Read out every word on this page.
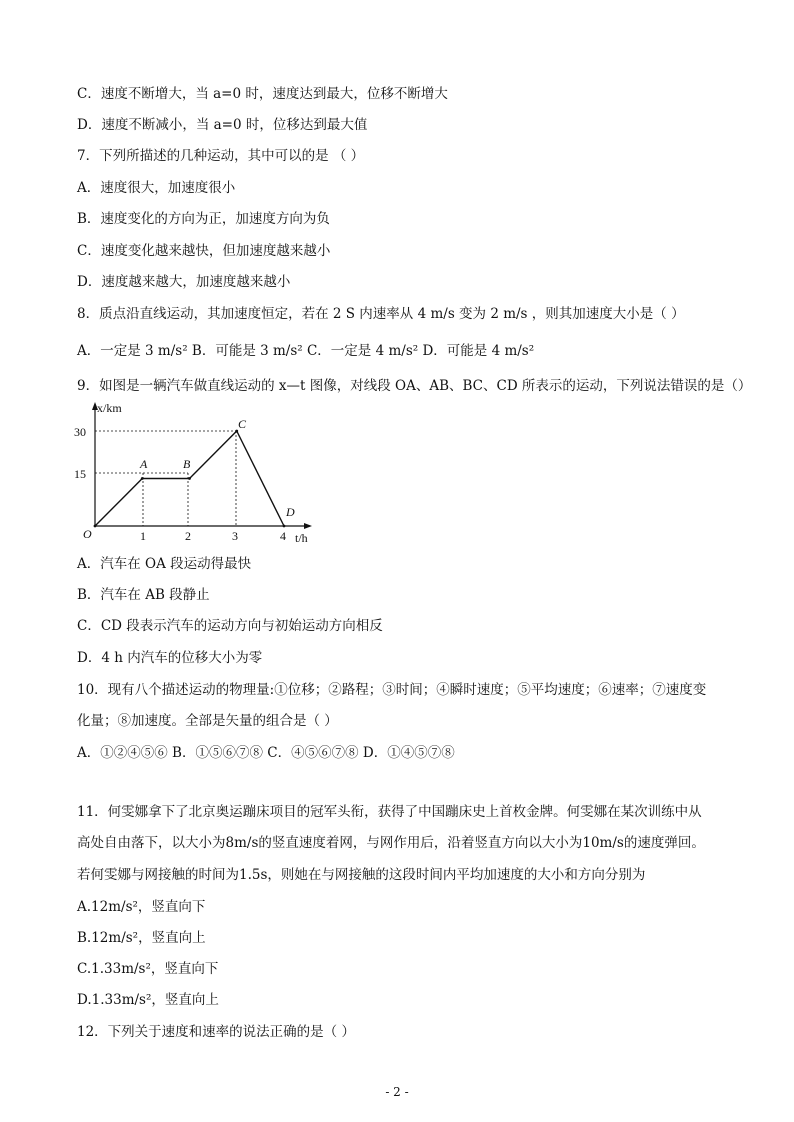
C．速度不断增大，当 a=0 时，速度达到最大，位移不断增大
D．速度不断减小，当 a=0 时，位移达到最大值
7．下列所描述的几种运动，其中可以的是 （ ）
A．速度很大，加速度很小
B．速度变化的方向为正，加速度方向为负
C．速度变化越来越快，但加速度越来越小
D．速度越来越大，加速度越来越小
8．质点沿直线运动，其加速度恒定，若在 2 S 内速率从 4 m/s 变为 2 m/s ，则其加速度大小是（ ）
A．一定是 3 m/s² B．可能是 3 m/s² C．一定是 4 m/s² D．可能是 4 m/s²
9．如图是一辆汽车做直线运动的 x—t 图像，对线段 OA、AB、BC、CD 所表示的运动，下列说法错误的是（）
x/km
t/h
O
15
30
1	2	3	4
A	B
C
D
A．汽车在 OA 段运动得最快
B．汽车在 AB 段静止
C．CD 段表示汽车的运动方向与初始运动方向相反
D．4 h 内汽车的位移大小为零
10．现有八个描述运动的物理量:①位移；②路程；③时间；④瞬时速度；⑤平均速度；⑥速率；⑦速度变
化量；⑧加速度。全部是矢量的组合是（ ）
A．①②④⑤⑥ B．①⑤⑥⑦⑧ C．④⑤⑥⑦⑧ D．①④⑤⑦⑧
11．何雯娜拿下了北京奥运蹦床项目的冠军头衔，获得了中国蹦床史上首枚金牌。何雯娜在某次训练中从
高处自由落下，以大小为8m/s的竖直速度着网，与网作用后，沿着竖直方向以大小为10m/s的速度弹回。
若何雯娜与网接触的时间为1.5s，则她在与网接触的这段时间内平均加速度的大小和方向分别为
A.12m/s²，竖直向下
B.12m/s²，竖直向上
C.1.33m/s²，竖直向下
D.1.33m/s²，竖直向上
12．下列关于速度和速率的说法正确的是（ ）
- 2 -
